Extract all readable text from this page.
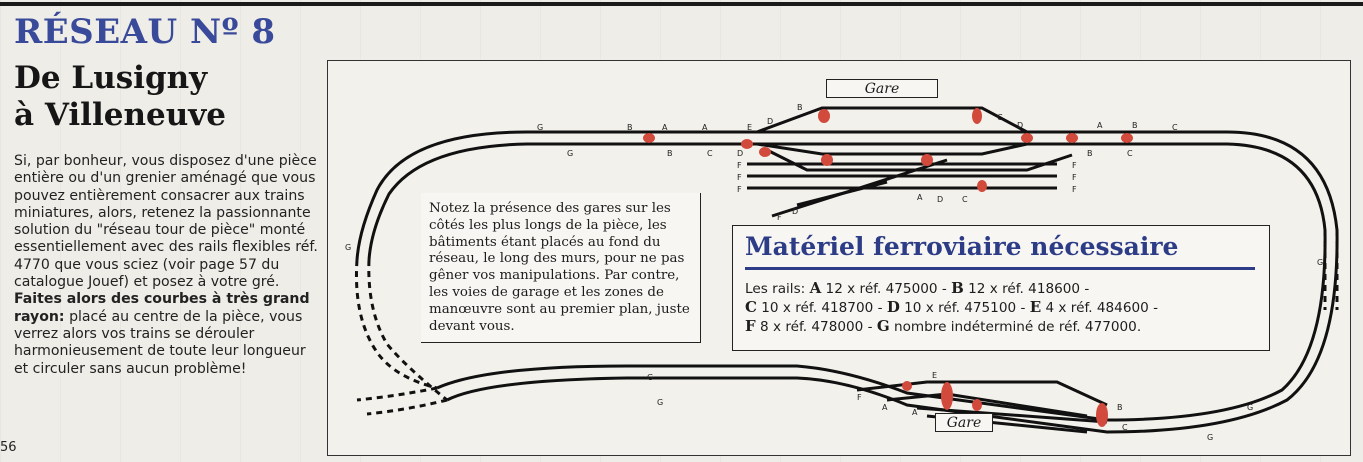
RÉSEAU Nº 8
De Lusigny
à Villeneuve
Si, par bonheur, vous disposez d'une pièce entière ou d'un grenier aménagé que vous pouvez entièrement consacrer aux trains miniatures, alors, retenez la passionnante solution du "réseau tour de pièce" monté essentiellement avec des rails flexibles réf. 4770 que vous sciez (voir page 57 du catalogue Jouef) et posez à votre gré. Faites alors des courbes à très grand rayon: placé au centre de la pièce, vous verrez alors vos trains se dérouler harmonieusement de toute leur longueur et circuler sans aucun problème!
56
G
G
B	A	A	E
D
B
B	C	D
C
D	A	B	C
B	C
F
F
F
F
F
F
F
D
A D C
G
G
F
A
A
E
B
C
G
G
G
G
Gare
Gare
Notez la présence des gares sur les côtés les plus longs de la pièce, les bâtiments étant placés au fond du réseau, le long des murs, pour ne pas gêner vos manipulations. Par contre, les voies de garage et les zones de manœuvre sont au premier plan, juste devant vous.
Matériel ferroviaire nécessaire
Les rails: A 12 x réf. 475000 - B 12 x réf. 418600 -
C 10 x réf. 418700 - D 10 x réf. 475100 - E 4 x réf. 484600 -
F 8 x réf. 478000 - G nombre indéterminé de réf. 477000.
